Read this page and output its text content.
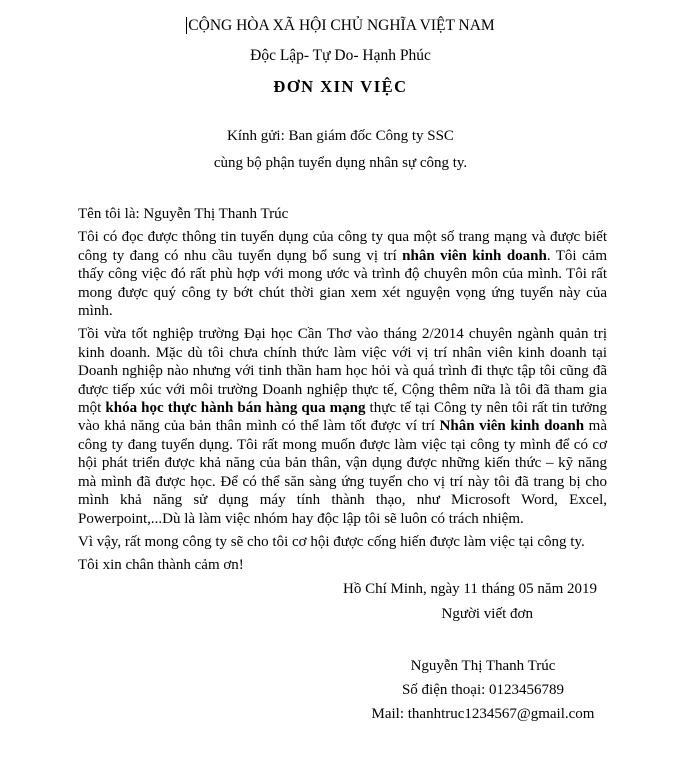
CỘNG HÒA XÃ HỘI CHỦ NGHĨA VIỆT NAM

Độc Lập- Tự Do- Hạnh Phúc

ĐƠN XIN VIỆC

Kính gửi: Ban giám đốc Công ty SSC

cùng bộ phận tuyển dụng nhân sự công ty.

Tên tôi là: Nguyễn Thị Thanh Trúc

Tôi có đọc được thông tin tuyển dụng của công ty qua một số trang mạng và được biết công ty đang có nhu cầu tuyển dụng bổ sung vị trí nhân viên kinh doanh. Tôi cảm thấy công việc đó rất phù hợp với mong ước và trình độ chuyên môn của mình. Tôi rất mong được quý công ty bớt chút thời gian xem xét nguyện vọng ứng tuyển này của mình.

Tồi vừa tốt nghiệp trường Đại học Cần Thơ vào tháng 2/2014 chuyên ngành quản trị kinh doanh. Mặc dù tôi chưa chính thức làm việc với vị trí nhân viên kinh doanh tại Doanh nghiệp nào nhưng với tinh thần ham học hỏi và quá trình đi thực tập tôi cũng đã được tiếp xúc với môi trường Doanh nghiệp thực tế, Cộng thêm nữa là tôi đã tham gia một khóa học thực hành bán hàng qua mạng thực tế tại Công ty nên tôi rất tin tưởng vào khả năng của bản thân mình có thể làm tốt được ví trí Nhân viên kinh doanh mà công ty đang tuyển dụng. Tôi rất mong muốn được làm việc tại công ty mình để có cơ hội phát triển được khả năng của bản thân, vận dụng được những kiến thức – kỹ năng mà mình đã được học. Để có thể săn sàng ứng tuyển cho vị trí này tôi đã trang bị cho mình khả năng sử dụng máy tính thành thạo, như Microsoft Word, Excel, Powerpoint,...Dù là làm việc nhóm hay độc lập tôi sẽ luôn có trách nhiệm.

Vì vậy, rất mong công ty sẽ cho tôi cơ hội được cống hiến được làm việc tại công ty.

Tôi xin chân thành cảm ơn!

Hồ Chí Minh, ngày 11 tháng 05 năm 2019

Người viết đơn

Nguyễn Thị Thanh Trúc

Số điện thoại: 0123456789

Mail: thanhtruc1234567@gmail.com
